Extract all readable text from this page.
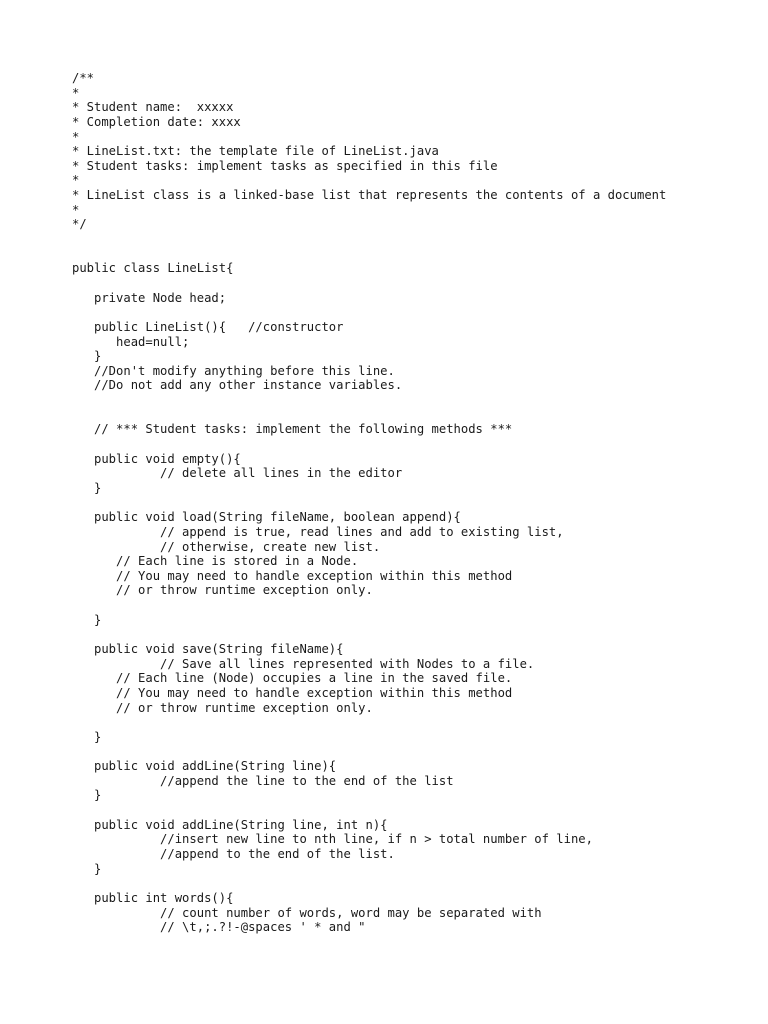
/**
*
* Student name:  xxxxx
* Completion date: xxxx
*
* LineList.txt: the template file of LineList.java
* Student tasks: implement tasks as specified in this file
*
* LineList class is a linked-base list that represents the contents of a document
*
*/
public class LineList{
private Node head;
public LineList(){   //constructor
head=null;
}
//Don't modify anything before this line.
//Do not add any other instance variables.
// *** Student tasks: implement the following methods ***
public void empty(){
// delete all lines in the editor
}
public void load(String fileName, boolean append){
// append is true, read lines and add to existing list,
// otherwise, create new list.
// Each line is stored in a Node.
// You may need to handle exception within this method
// or throw runtime exception only.
}
public void save(String fileName){
// Save all lines represented with Nodes to a file.
// Each line (Node) occupies a line in the saved file.
// You may need to handle exception within this method
// or throw runtime exception only.
}
public void addLine(String line){
//append the line to the end of the list
}
public void addLine(String line, int n){
//insert new line to nth line, if n > total number of line,
//append to the end of the list.
}
public int words(){
// count number of words, word may be separated with
// \t,;.?!-@spaces ' * and "
